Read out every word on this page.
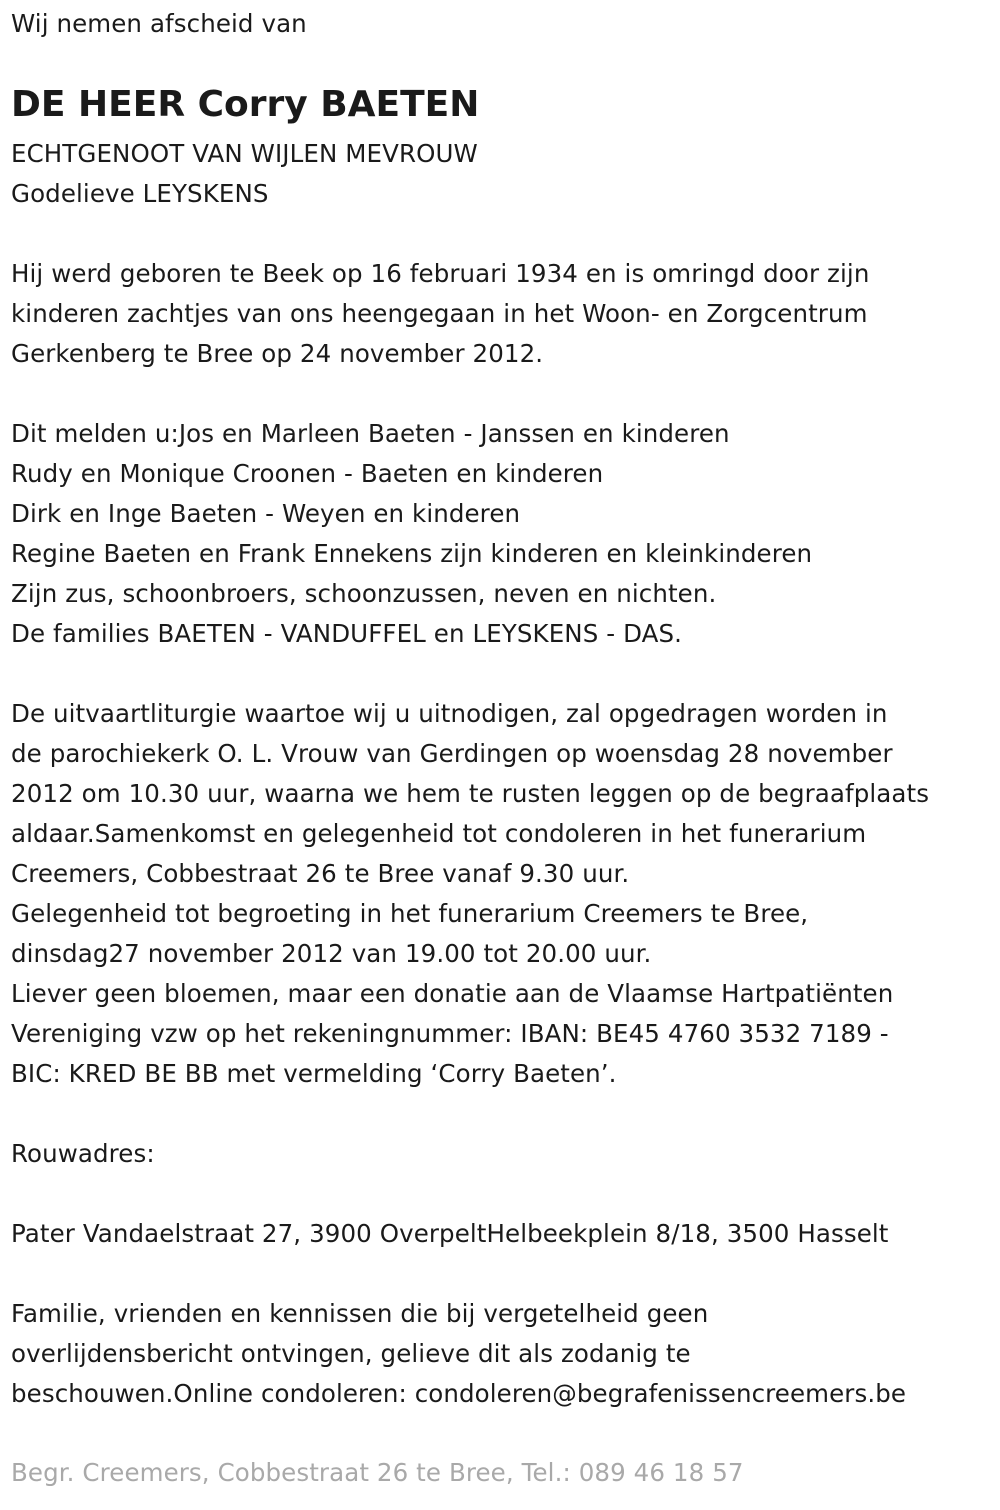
Wij nemen afscheid van
DE HEER Corry BAETEN
ECHTGENOOT VAN WIJLEN MEVROUW
Godelieve LEYSKENS
Hij werd geboren te Beek op 16 februari 1934 en is omringd door zijn
kinderen zachtjes van ons heengegaan in het Woon- en Zorgcentrum
Gerkenberg te Bree op 24 november 2012.
Dit melden u:Jos en Marleen Baeten - Janssen en kinderen
Rudy en Monique Croonen - Baeten en kinderen
Dirk en Inge Baeten - Weyen en kinderen
Regine Baeten en Frank Ennekens zijn kinderen en kleinkinderen
Zijn zus, schoonbroers, schoonzussen, neven en nichten.
De families BAETEN - VANDUFFEL en LEYSKENS - DAS.
De uitvaartliturgie waartoe wij u uitnodigen, zal opgedragen worden in
de parochiekerk O. L. Vrouw van Gerdingen op woensdag 28 november
2012 om 10.30 uur, waarna we hem te rusten leggen op de begraafplaats
aldaar.Samenkomst en gelegenheid tot condoleren in het funerarium
Creemers, Cobbestraat 26 te Bree vanaf 9.30 uur.
Gelegenheid tot begroeting in het funerarium Creemers te Bree,
dinsdag27 november 2012 van 19.00 tot 20.00 uur.
Liever geen bloemen, maar een donatie aan de Vlaamse Hartpatiënten
Vereniging vzw op het rekeningnummer: IBAN: BE45 4760 3532 7189 -
BIC: KRED BE BB met vermelding ‘Corry Baeten’.
Rouwadres:
Pater Vandaelstraat 27, 3900 OverpeltHelbeekplein 8/18, 3500 Hasselt
Familie, vrienden en kennissen die bij vergetelheid geen
overlijdensbericht ontvingen, gelieve dit als zodanig te
beschouwen.Online condoleren: condoleren@begrafenissencreemers.be
Begr. Creemers, Cobbestraat 26 te Bree, Tel.: 089 46 18 57
